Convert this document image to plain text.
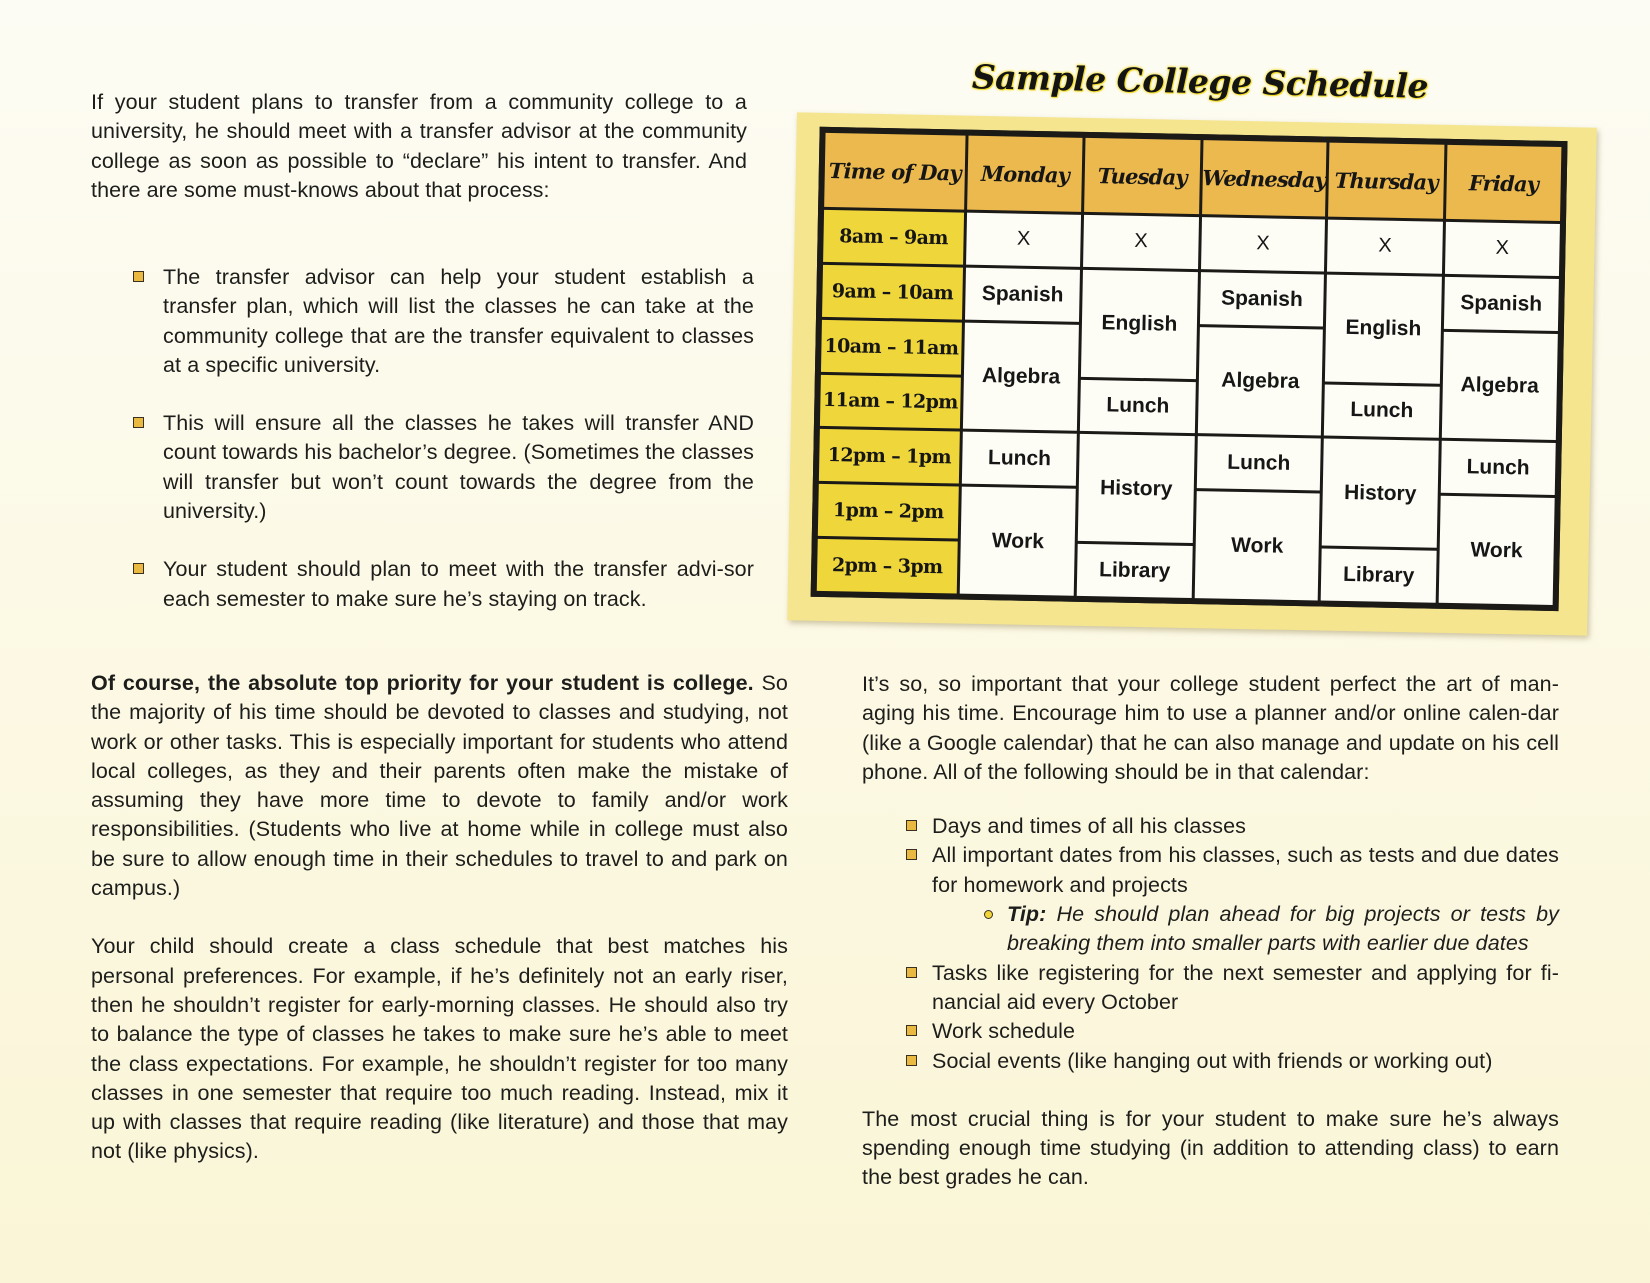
If your student plans to transfer from a community college to a university, he should meet with a transfer advisor at the community college as soon as possible to “declare” his intent to transfer. And there are some must-knows about that process:

The transfer advisor can help your student establish a transfer plan, which will list the classes he can take at the community college that are the transfer equivalent to classes at a specific university.
This will ensure all the classes he takes will transfer AND count towards his bachelor’s degree. (Sometimes the classes will transfer but won’t count towards the degree from the university.)
Your student should plan to meet with the transfer advi-sor each semester to make sure he’s staying on track.
Sample College Schedule
Time of Day Monday	Tuesday Wednesday Thursday	Friday
8am – 9am
9am – 10am
10am – 11am
11am – 12pm
12pm – 1pm
1pm – 2pm
2pm – 3pm
X
Spanish
Algebra
Lunch
Work
X
English
Lunch
History
Library
X
Spanish
Algebra
Lunch
Work
X
English
Lunch
History
Library
X
Spanish
Algebra
Lunch
Work

Of course, the absolute top priority for your student is college. So the majority of his time should be devoted to classes and studying, not work or other tasks. This is especially important for students who attend local colleges, as they and their parents often make the mistake of assuming they have more time to devote to family and/or work responsibilities. (Students who live at home while in college must also be sure to allow enough time in their schedules to travel to and park on campus.)

Your child should create a class schedule that best matches his personal preferences. For example, if he’s definitely not an early riser, then he shouldn’t register for early-morning classes. He should also try to balance the type of classes he takes to make sure he’s able to meet the class expectations. For example, he shouldn’t register for too many classes in one semester that require too much reading. Instead, mix it up with classes that require reading (like literature) and those that may not (like physics).

It’s so, so important that your college student perfect the art of man-aging his time. Encourage him to use a planner and/or online calen-dar (like a Google calendar) that he can also manage and update on his cell phone. All of the following should be in that calendar:

Days and times of all his classes
All important dates from his classes, such as tests and due dates for homework and projects
Tip: He should plan ahead for big projects or tests by breaking them into smaller parts with earlier due dates
Tasks like registering for the next semester and applying for fi-nancial aid every October
Work schedule
Social events (like hanging out with friends or working out)

The most crucial thing is for your student to make sure he’s always spending enough time studying (in addition to attending class) to earn the best grades he can.
